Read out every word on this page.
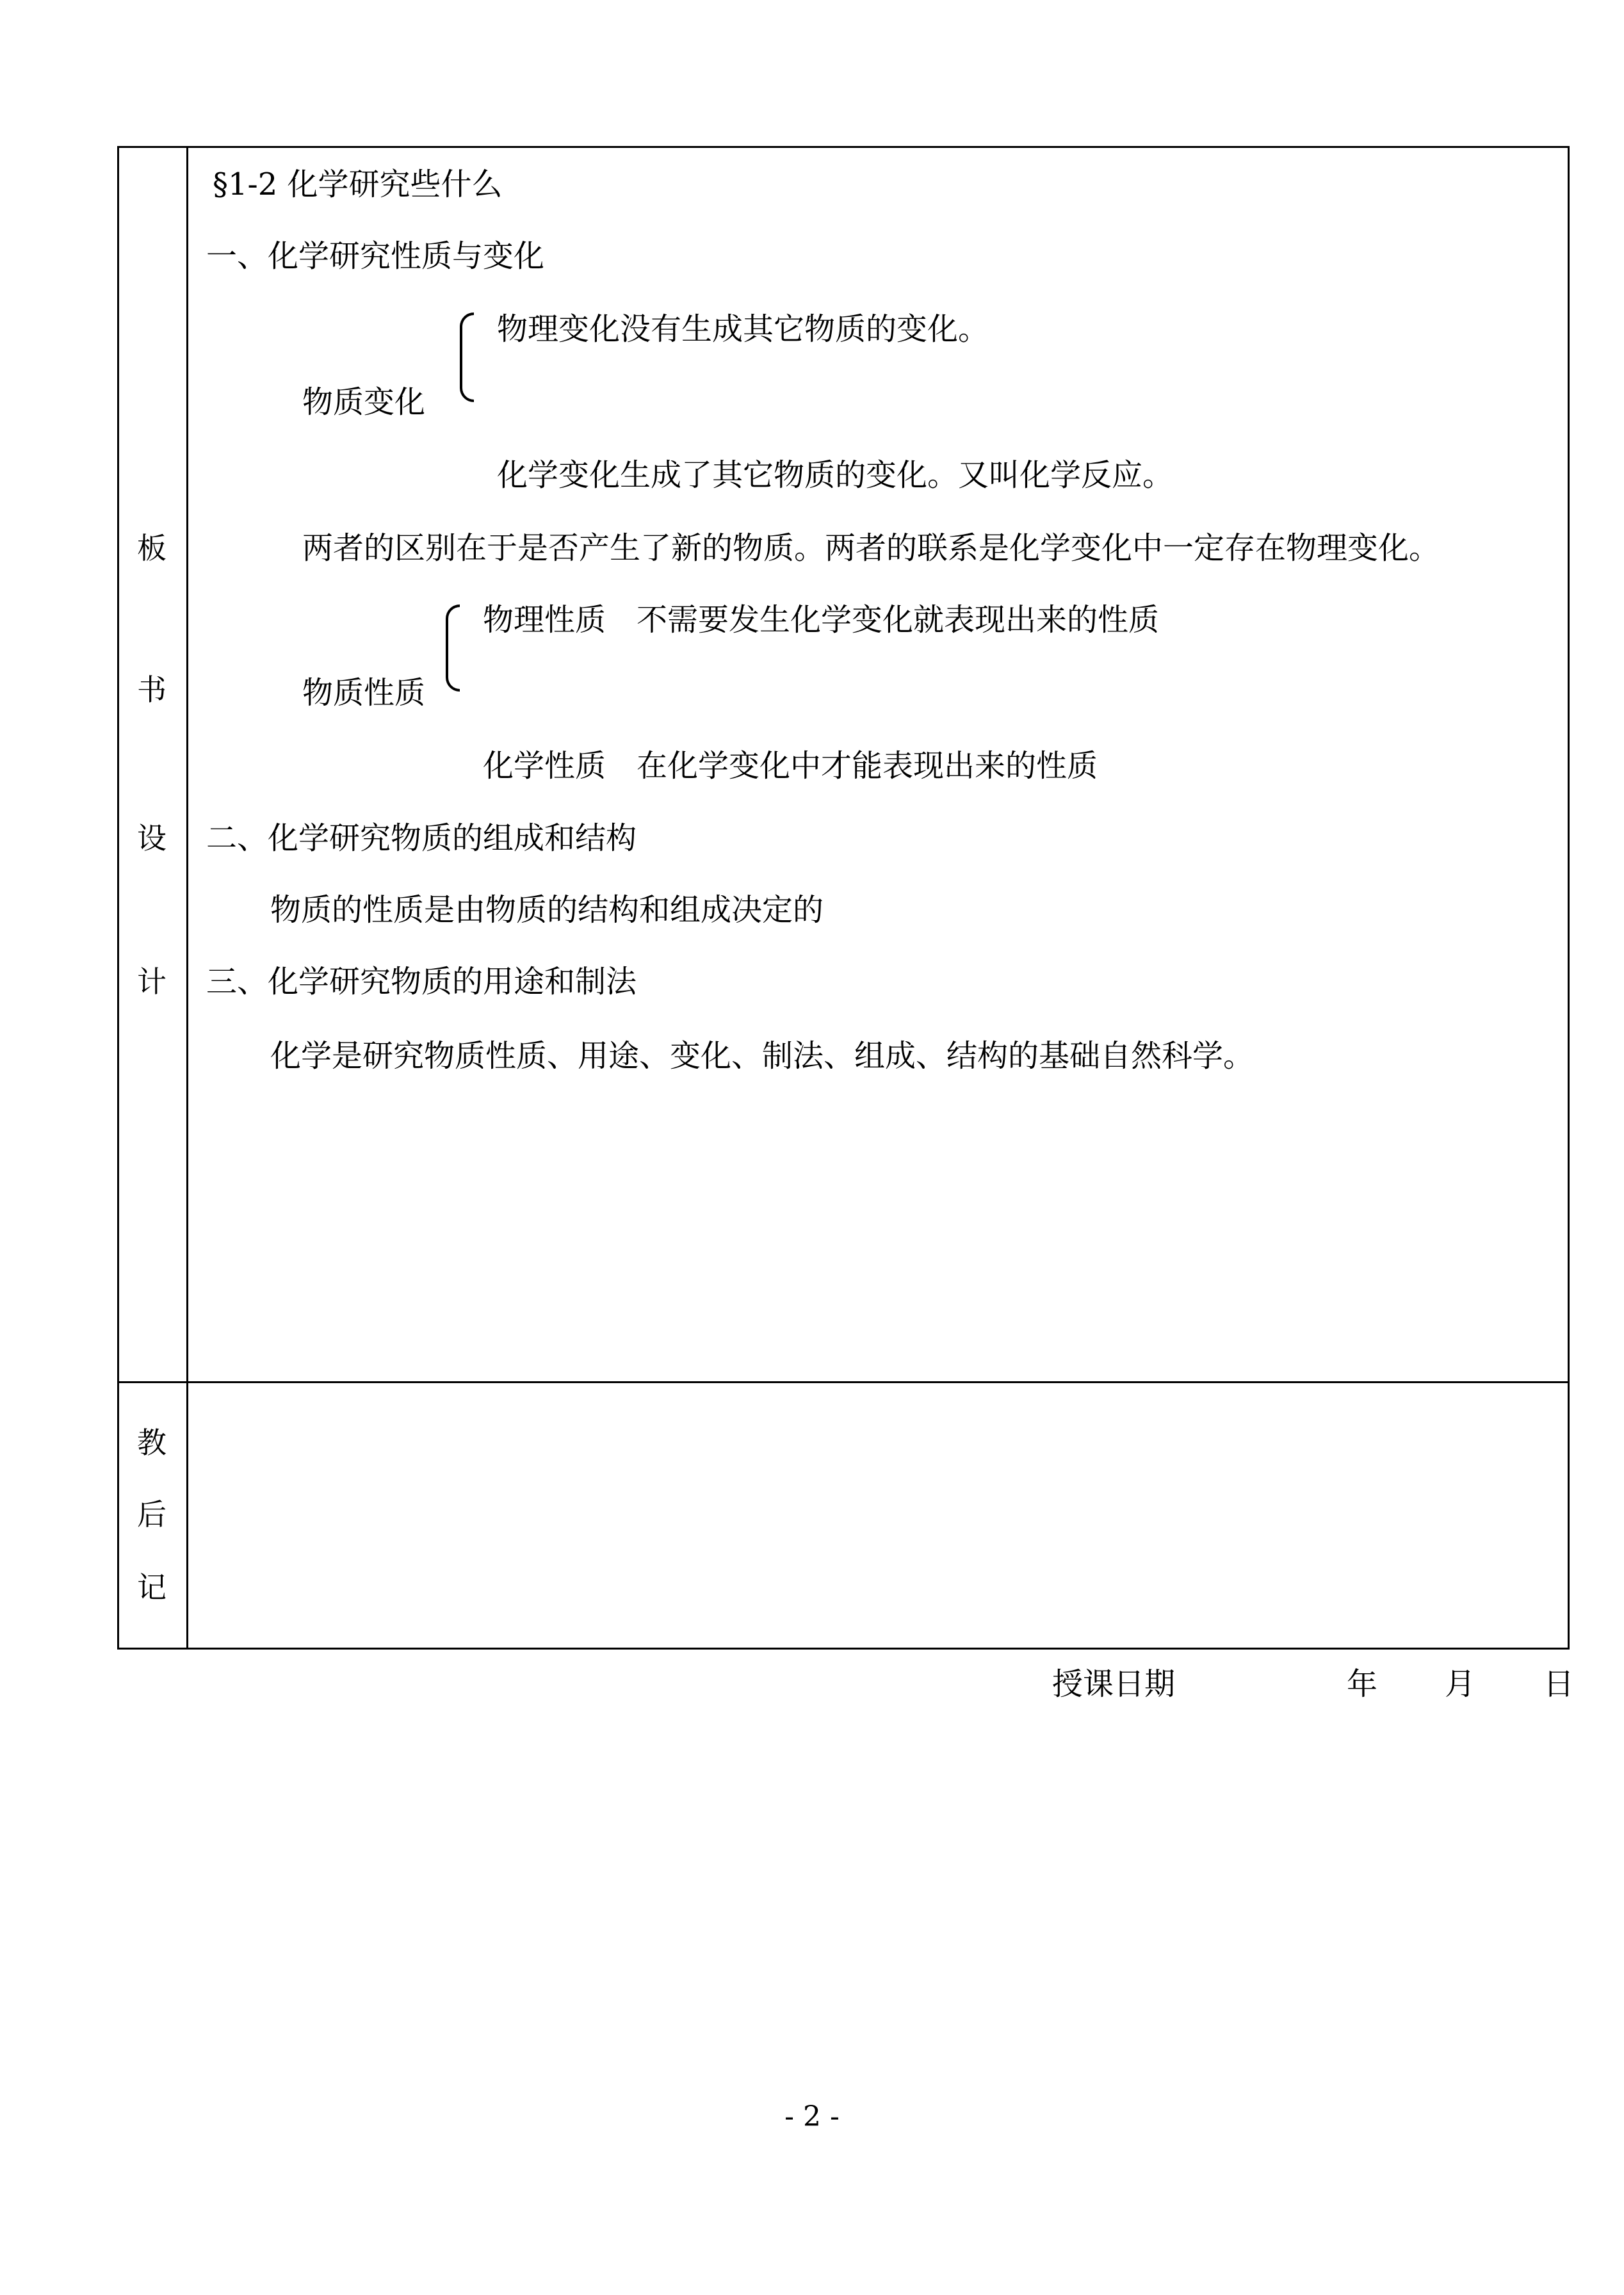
板
书
设
计
教
后
记
§1-2 化学研究些什么
一、化学研究性质与变化
物理变化没有生成其它物质的变化。
物质变化
化学变化生成了其它物质的变化。又叫化学反应。
两者的区别在于是否产生了新的物质。两者的联系是化学变化中一定存在物理变化。
物理性质　不需要发生化学变化就表现出来的性质
物质性质
化学性质　在化学变化中才能表现出来的性质
二、化学研究物质的组成和结构
物质的性质是由物质的结构和组成决定的
三、化学研究物质的用途和制法
化学是研究物质性质、用途、变化、制法、组成、结构的基础自然科学。
授课日期	年 月 日
- 2 -
